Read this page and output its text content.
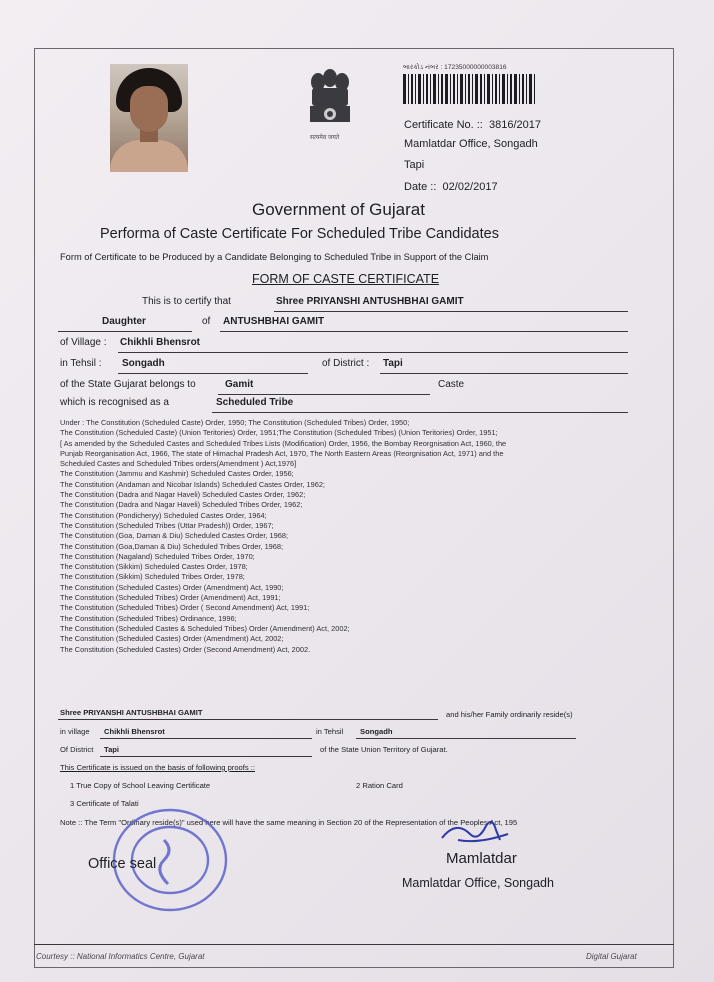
सत्यमेव जयते
બારકોડ નંબર : 17235000000003816
Certificate No. :: 3816/2017
Mamlatdar Office, Songadh
Tapi
Date :: 02/02/2017
Government of Gujarat
Performa of Caste Certificate For Scheduled Tribe Candidates
Form of Certificate to be Produced by a Candidate Belonging to Scheduled Tribe in Support of the Claim
FORM OF CASTE CERTIFICATE
This is to certify that	Shree PRIYANSHI ANTUSHBHAI GAMIT
Daughter	of ANTUSHBHAI GAMIT
of Village : Chikhli Bhensrot
in Tehsil : Songadh	of District : Tapi
of the State Gujarat belongs to	Gamit	Caste
which is recognised as a	Scheduled Tribe
Under : The Constitution (Scheduled Caste) Order, 1950; The Constitution (Scheduled Tribes) Order, 1950;
The Constitution (Scheduled Caste) (Union Teritories) Order, 1951;The Constitution (Scheduled Tribes) (Union Teritories) Order, 1951;
[ As amended by the Scheduled Castes and Scheduled Tribes Lists (Modification) Order, 1956, the Bombay Reorgnisation Act, 1960, the
Punjab Reorganisation Act, 1966, The state of Himachal Pradesh Act, 1970, The North Eastern Areas (Reorgnisation Act, 1971) and the
Scheduled Castes and Scheduled Tribes orders(Amendment ) Act,1976]
The Constitution (Jammu and Kashmir) Scheduled Castes Order, 1956;
The Constitution (Andaman and Nicobar Islands) Scheduled Castes Order, 1962;
The Constitution (Dadra and Nagar Haveli) Scheduled Castes Order, 1962;
The Constitution (Dadra and Nagar Haveli) Scheduled Tribes Order, 1962;
The Constitution (Pondicheryy) Scheduled Castes Order, 1964;
The Constitution (Scheduled Tribes (Uttar Pradesh)) Order, 1967;
The Constitution (Goa, Daman & Diu) Scheduled Castes Order, 1968;
The Constitution (Goa,Daman & Diu) Scheduled Tribes Order, 1968;
The Constitution (Nagaland) Scheduled Tribes Order, 1970;
The Constitution (Sikkim) Scheduled Castes Order, 1978;
The Constitution (Sikkim) Scheduled Tribes Order, 1978;
The Constitution (Scheduled Castes) Order (Amendment) Act, 1990;
The Constitution (Scheduled Tribes) Order (Amendment) Act, 1991;
The Constitution (Scheduled Tribes) Order ( Second Amendment) Act, 1991;
The Constitution (Scheduled Tribes) Ordinance, 1996;
The Constitution (Scheduled Castes & Scheduled Tribes) Order (Amendment) Act, 2002;
The Constitution (Scheduled Castes) Order (Amendment) Act, 2002;
The Constitution (Scheduled Castes) Order (Second Amendment) Act, 2002.
Shree PRIYANSHI ANTUSHBHAI GAMIT	and his/her Family ordinarily reside(s)
in village Chikhli Bhensrot	in Tehsil Songadh
Of District Tapi	of the State Union Territory of Gujarat.
This Certificate is issued on the basis of following proofs ::
1 True Copy of School Leaving Certificate	2 Ration Card
3 Certificate of Talati
Note :: The Term "Ordinary reside(s)" used here will have the same meaning in Section 20 of the Representation of the Peoples Act, 195
Office seal	Mamlatdar
Mamlatdar Office, Songadh
Courtesy :: National Informatics Centre, Gujarat	Digital Gujarat
